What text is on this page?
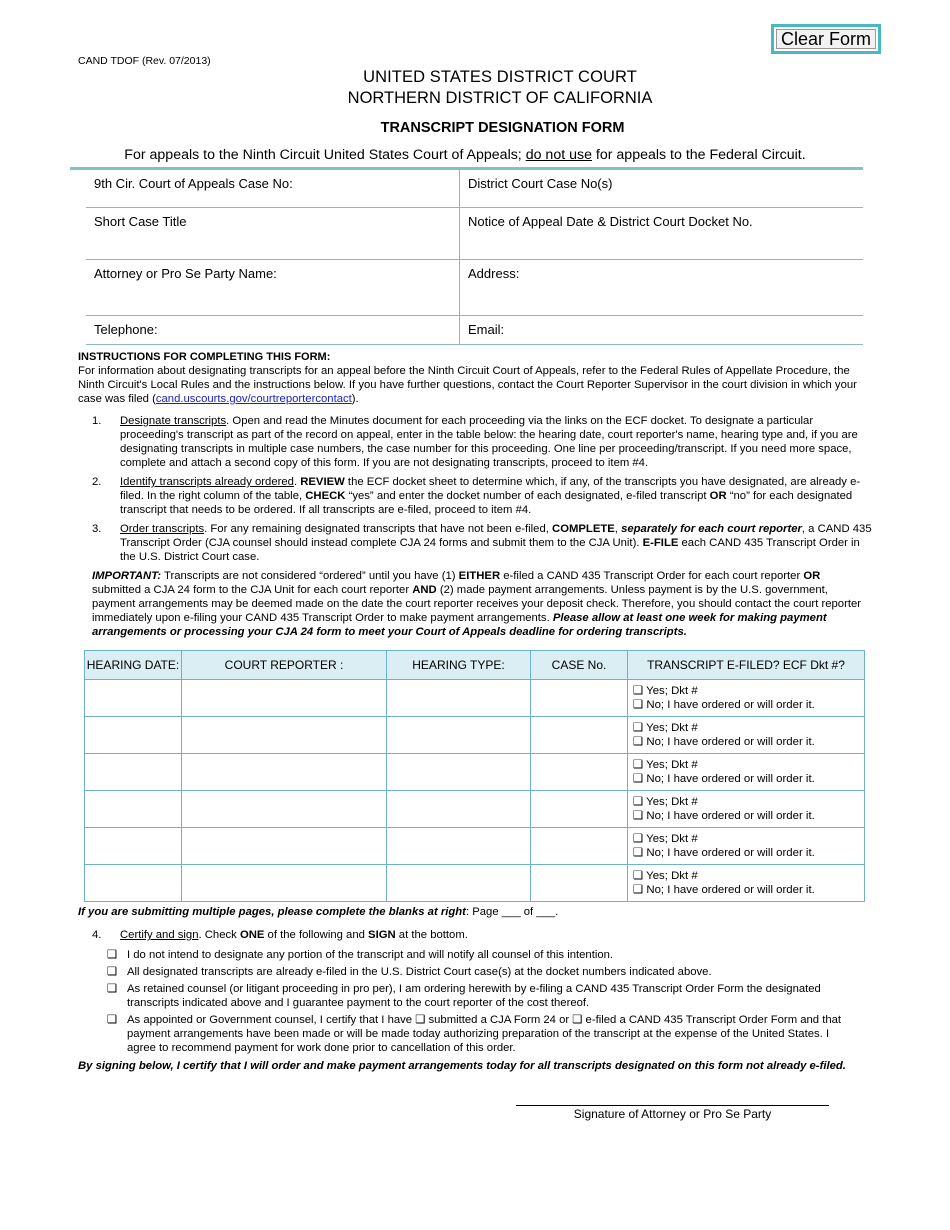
Clear Form
CAND TDOF (Rev. 07/2013)
UNITED STATES DISTRICT COURT
NORTHERN DISTRICT OF CALIFORNIA
TRANSCRIPT DESIGNATION FORM
For appeals to the Ninth Circuit United States Court of Appeals; do not use for appeals to the Federal Circuit.
9th Cir. Court of Appeals Case No:	District Court Case No(s)
Short Case Title	Notice of Appeal Date & District Court Docket No.
Attorney or Pro Se Party Name:	Address:
Telephone:	Email:
INSTRUCTIONS FOR COMPLETING THIS FORM:
For information about designating transcripts for an appeal before the Ninth Circuit Court of Appeals, refer to the Federal Rules of Appellate Procedure, the Ninth Circuit's Local Rules and the instructions below. If you have further questions, contact the Court Reporter Supervisor in the court division in which your case was filed (cand.uscourts.gov/courtreportercontact).
1.	Designate transcripts. Open and read the Minutes document for each proceeding via the links on the ECF docket. To designate a particular proceeding's transcript as part of the record on appeal, enter in the table below: the hearing date, court reporter's name, hearing type and, if you are designating transcripts in multiple case numbers, the case number for this proceeding. One line per proceeding/transcript. If you need more space, complete and attach a second copy of this form. If you are not designating transcripts, proceed to item #4.
2.	Identify transcripts already ordered. REVIEW the ECF docket sheet to determine which, if any, of the transcripts you have designated, are already e-filed. In the right column of the table, CHECK “yes” and enter the docket number of each designated, e-filed transcript OR “no” for each designated transcript that needs to be ordered. If all transcripts are e-filed, proceed to item #4.
3.	Order transcripts. For any remaining designated transcripts that have not been e-filed, COMPLETE, separately for each court reporter, a CAND 435 Transcript Order (CJA counsel should instead complete CJA 24 forms and submit them to the CJA Unit). E-FILE each CAND 435 Transcript Order in the U.S. District Court case.
IMPORTANT: Transcripts are not considered “ordered” until you have (1) EITHER e-filed a CAND 435 Transcript Order for each court reporter OR submitted a CJA 24 form to the CJA Unit for each court reporter AND (2) made payment arrangements. Unless payment is by the U.S. government, payment arrangements may be deemed made on the date the court reporter receives your deposit check. Therefore, you should contact the court reporter immediately upon e-filing your CAND 435 Transcript Order to make payment arrangements. Please allow at least one week for making payment arrangements or processing your CJA 24 form to meet your Court of Appeals deadline for ordering transcripts.
HEARING DATE:	COURT REPORTER :	HEARING TYPE:	CASE No.	TRANSCRIPT E-FILED? ECF Dkt #?

				❑ Yes; Dkt #
❑ No; I have ordered or will order it.

				❑ Yes; Dkt #
❑ No; I have ordered or will order it.

				❑ Yes; Dkt #
❑ No; I have ordered or will order it.

				❑ Yes; Dkt #
❑ No; I have ordered or will order it.

				❑ Yes; Dkt #
❑ No; I have ordered or will order it.

				❑ Yes; Dkt #
❑ No; I have ordered or will order it.
If you are submitting multiple pages, please complete the blanks at right: Page ___ of ___.
4. Certify and sign. Check ONE of the following and SIGN at the bottom.
❑ I do not intend to designate any portion of the transcript and will notify all counsel of this intention.
❑ All designated transcripts are already e-filed in the U.S. District Court case(s) at the docket numbers indicated above.
❑ As retained counsel (or litigant proceeding in pro per), I am ordering herewith by e-filing a CAND 435 Transcript Order Form the designated transcripts indicated above and I guarantee payment to the court reporter of the cost thereof.
❑ As appointed or Government counsel, I certify that I have ❑ submitted a CJA Form 24 or ❑ e-filed a CAND 435 Transcript Order Form and that payment arrangements have been made or will be made today authorizing preparation of the transcript at the expense of the United States. I agree to recommend payment for work done prior to cancellation of this order.
By signing below, I certify that I will order and make payment arrangements today for all transcripts designated on this form not already e-filed.
Signature of Attorney or Pro Se Party
